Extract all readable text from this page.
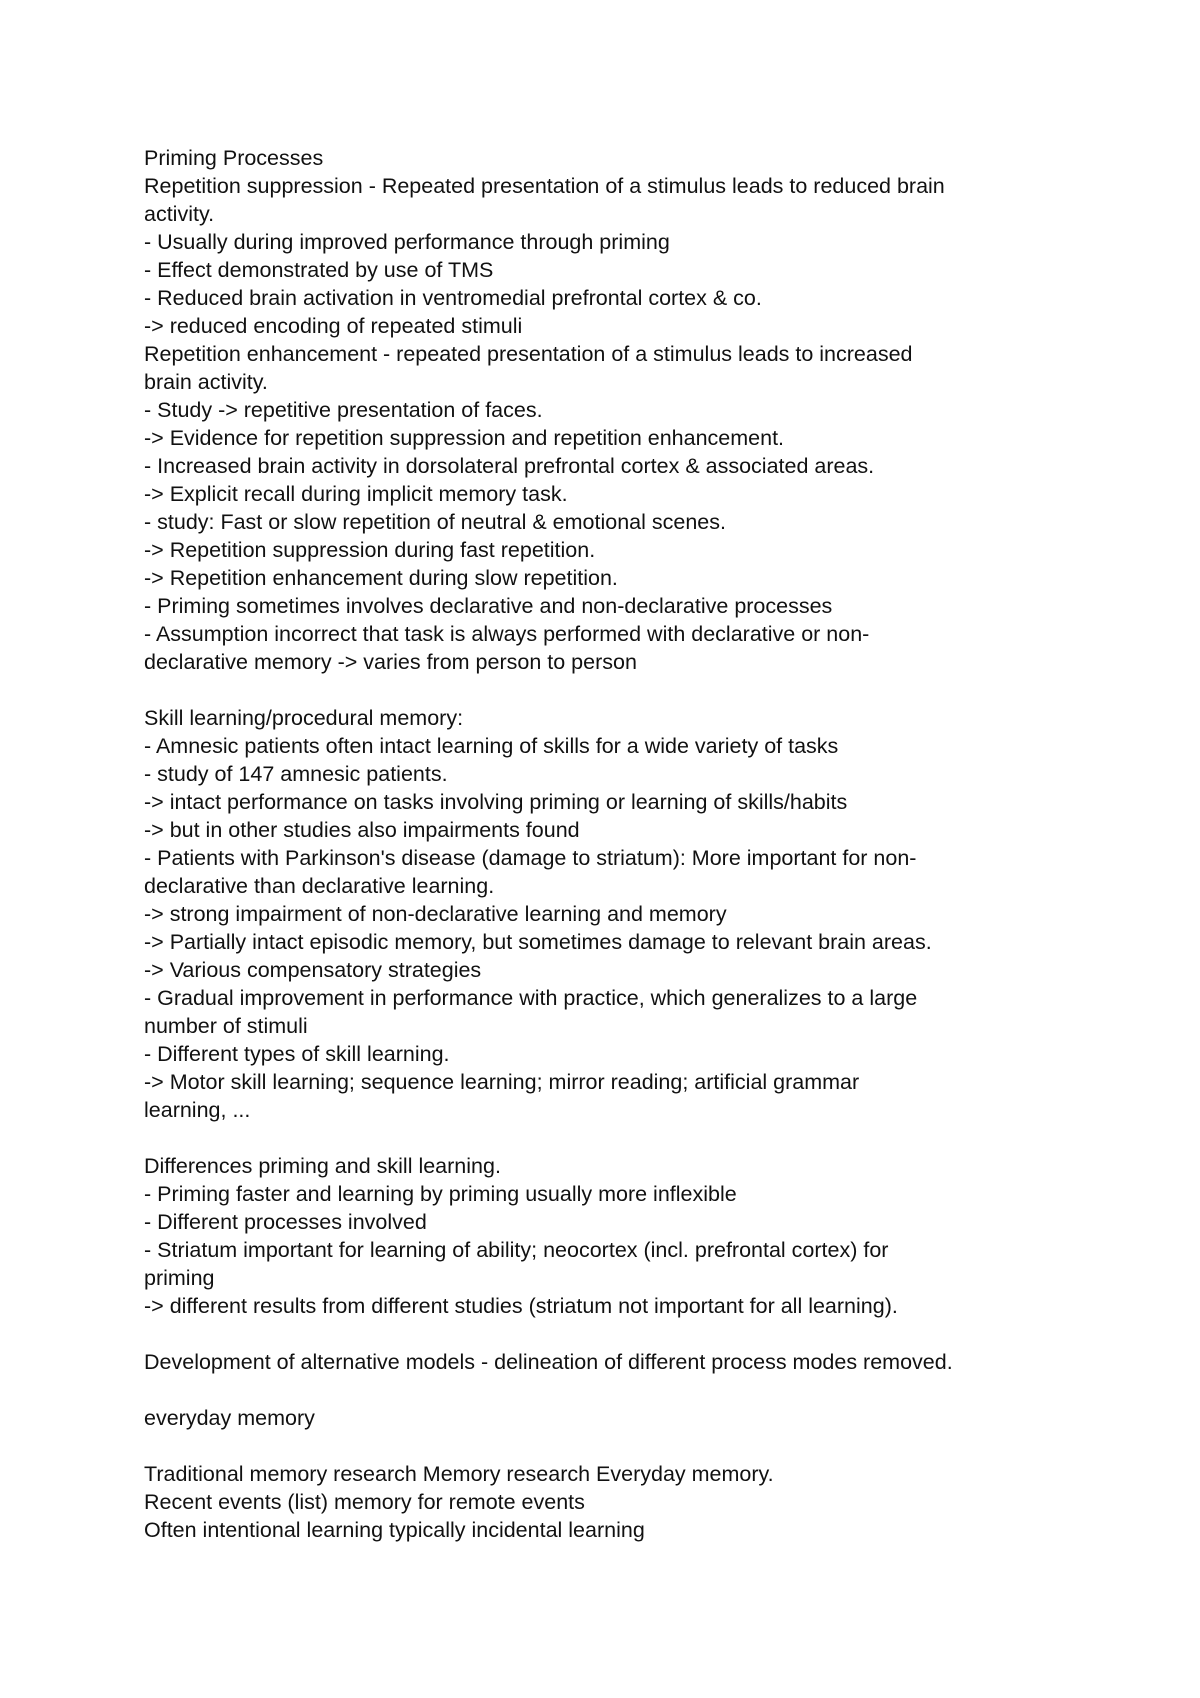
Priming Processes
Repetition suppression - Repeated presentation of a stimulus leads to reduced brain
activity.
- Usually during improved performance through priming
- Effect demonstrated by use of TMS
- Reduced brain activation in ventromedial prefrontal cortex & co.
-> reduced encoding of repeated stimuli
Repetition enhancement - repeated presentation of a stimulus leads to increased
brain activity.
- Study -> repetitive presentation of faces.
-> Evidence for repetition suppression and repetition enhancement.
- Increased brain activity in dorsolateral prefrontal cortex & associated areas.
-> Explicit recall during implicit memory task.
- study: Fast or slow repetition of neutral & emotional scenes.
-> Repetition suppression during fast repetition.
-> Repetition enhancement during slow repetition.
- Priming sometimes involves declarative and non-declarative processes
- Assumption incorrect that task is always performed with declarative or non-
declarative memory -> varies from person to person
Skill learning/procedural memory:
- Amnesic patients often intact learning of skills for a wide variety of tasks
- study of 147 amnesic patients.
-> intact performance on tasks involving priming or learning of skills/habits
-> but in other studies also impairments found
- Patients with Parkinson's disease (damage to striatum): More important for non-
declarative than declarative learning.
-> strong impairment of non-declarative learning and memory
-> Partially intact episodic memory, but sometimes damage to relevant brain areas.
-> Various compensatory strategies
- Gradual improvement in performance with practice, which generalizes to a large
number of stimuli
- Different types of skill learning.
-> Motor skill learning; sequence learning; mirror reading; artificial grammar
learning, ...
Differences priming and skill learning.
- Priming faster and learning by priming usually more inflexible
- Different processes involved
- Striatum important for learning of ability; neocortex (incl. prefrontal cortex) for
priming
-> different results from different studies (striatum not important for all learning).
Development of alternative models - delineation of different process modes removed.
everyday memory
Traditional memory research Memory research Everyday memory.
Recent events (list) memory for remote events
Often intentional learning typically incidental learning
